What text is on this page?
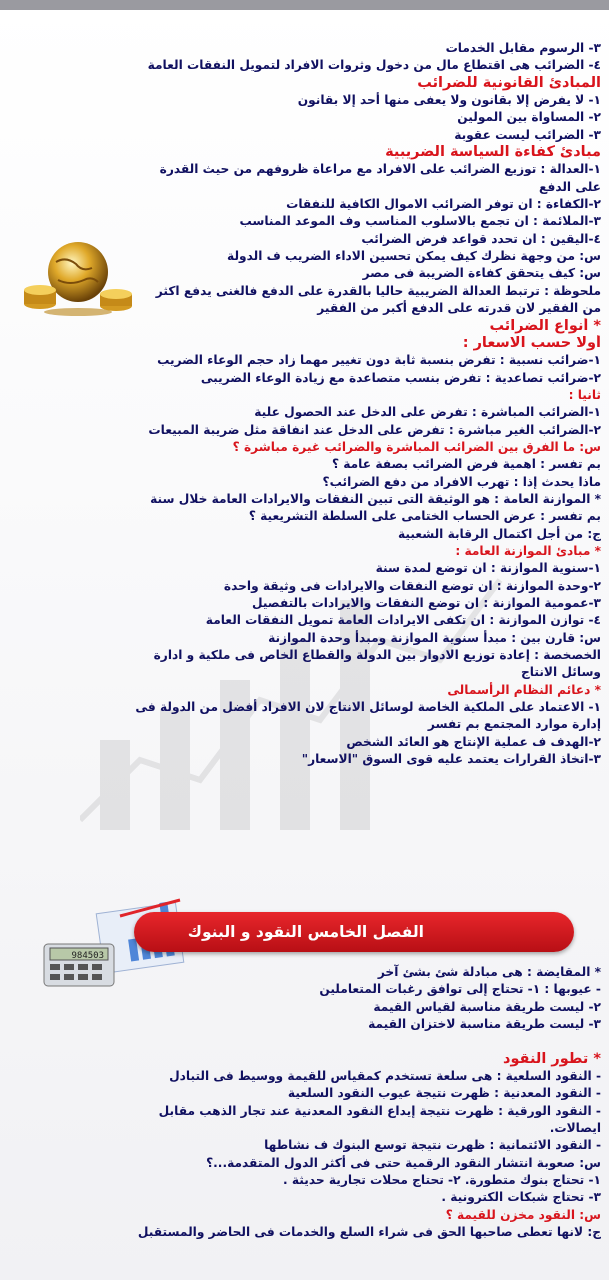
٣- الرسوم مقابل الخدمات
٤- الضرائب هى اقتطاع مال من دخول وثروات الافراد لتمويل النفقات العامة
المبادئ القانونية للضرائب
١- لا يفرض إلا بقانون ولا يعفى منها أحد إلا بقانون
٢- المساواة بين المولين
٣- الضرائب ليست عقوبة
مبادئ كفاءة السياسة الضريبية
١-العدالة : توزيع الضرائب على الافراد مع مراعاة ظروفهم من حيث القدرة
على الدفع
٢-الكفاءة : ان توفر الضرائب الاموال الكافية للنفقات
٣-الملائمة : ان تجمع بالاسلوب المناسب وف الموعد المناسب
٤-اليقين : ان تحدد قواعد فرض الضرائب
س: من وجهة نظرك كيف يمكن تحسين الاداء الضريب ف الدولة
س: كيف يتحقق كفاءة الضريبة فى مصر
ملحوظة : ترتبط العدالة الضريبية حاليا بالقدرة على الدفع فالغنى يدفع اكثر
من الفقير لان قدرته على الدفع أكبر من الفقير
* أنواع الضرائب
أولا حسب الاسعار :
١-ضرائب نسبية : تفرض بنسبة ثابة دون تغيير مهما زاد حجم الوعاء الضريب
٢-ضرائب تصاعدية : تفرض بنسب متصاعدة مع زيادة الوعاء الضريبى
ثانيا :
١-الضرائب المباشرة : تفرض على الدخل عند الحصول علية
٢-الضرائب الغير مباشرة : تفرض على الدخل عند انفاقة مثل ضريبة المبيعات
س: ما الفرق بين الضرائب المباشرة والضرائب غيرة مباشرة ؟
بم تفسر : اهمية فرض الضرائب بصفة عامة ؟
ماذا يحدث إذا : تهرب الافراد من دفع الضرائب؟
* الموازنة العامة : هو الوثيقة التى تبين النفقات والايرادات العامة خلال سنة
بم تفسر : عرض الحساب الختامى على السلطة التشريعية ؟
ج: من أجل اكتمال الرقابة الشعبية
* مبادئ الموازنة العامة :
١-سنوية الموازنة : ان توضع لمدة سنة
٢-وحدة الموازنة : ان توضع النفقات والايرادات فى وثيقة واحدة
٣-عمومية الموازنة : ان توضع النفقات والايرادات بالتفصيل
٤- توازن الموازنة : ان تكفى الايرادات العامة تمويل النفقات العامة
س: قارن بين : مبدأ سنوية الموازنة ومبدأ وحدة الموازنة
الخصخصة : إعادة توزيع الادوار بين الدولة والقطاع الخاص فى ملكية و ادارة
وسائل الانتاج
* دعائم النظام الرأسمالى
١- الاعتماد على الملكية الخاصة لوسائل الانتاج لان الافراد أفضل من الدولة فى
إدارة موارد المجتمع بم تفسر
٢-الهدف ف عملية الإنتاج هو العائد الشخص
٣-اتخاذ القرارات يعتمد عليه قوى السوق "الاسعار"
984503
الفصل الخامس النقود و البنوك
* المقايضة : هى مبادلة شئ بشئ آخر
- عيوبها : ١- تحتاج إلى توافق رغبات المتعاملين
٢- ليست طريقة مناسبة لقياس القيمة
٣- ليست طريقة مناسبة لاختزان القيمة
* تطور النقود
- النقود السلعية : هى سلعة تستخدم كمقياس للقيمة ووسيط فى التبادل
- النقود المعدنية : ظهرت نتيجة عيوب النقود السلعية
- النقود الورقية : ظهرت نتيجة إيداع النقود المعدنية عند تجار الذهب مقابل
ايصالات.
- النقود الائتمانية : ظهرت نتيجة توسع البنوك ف نشاطها
س: صعوبة انتشار النقود الرقمية حتى فى أكثر الدول المتقدمة...؟
١- تحتاج بنوك متطورة. ٢- تحتاج محلات تجارية حديثة .
٣- تحتاج شبكات الكترونية .
س: النقود مخزن للقيمة ؟
ج: لانها تعطى صاحبها الحق فى شراء السلع والخدمات فى الحاضر والمستقبل
